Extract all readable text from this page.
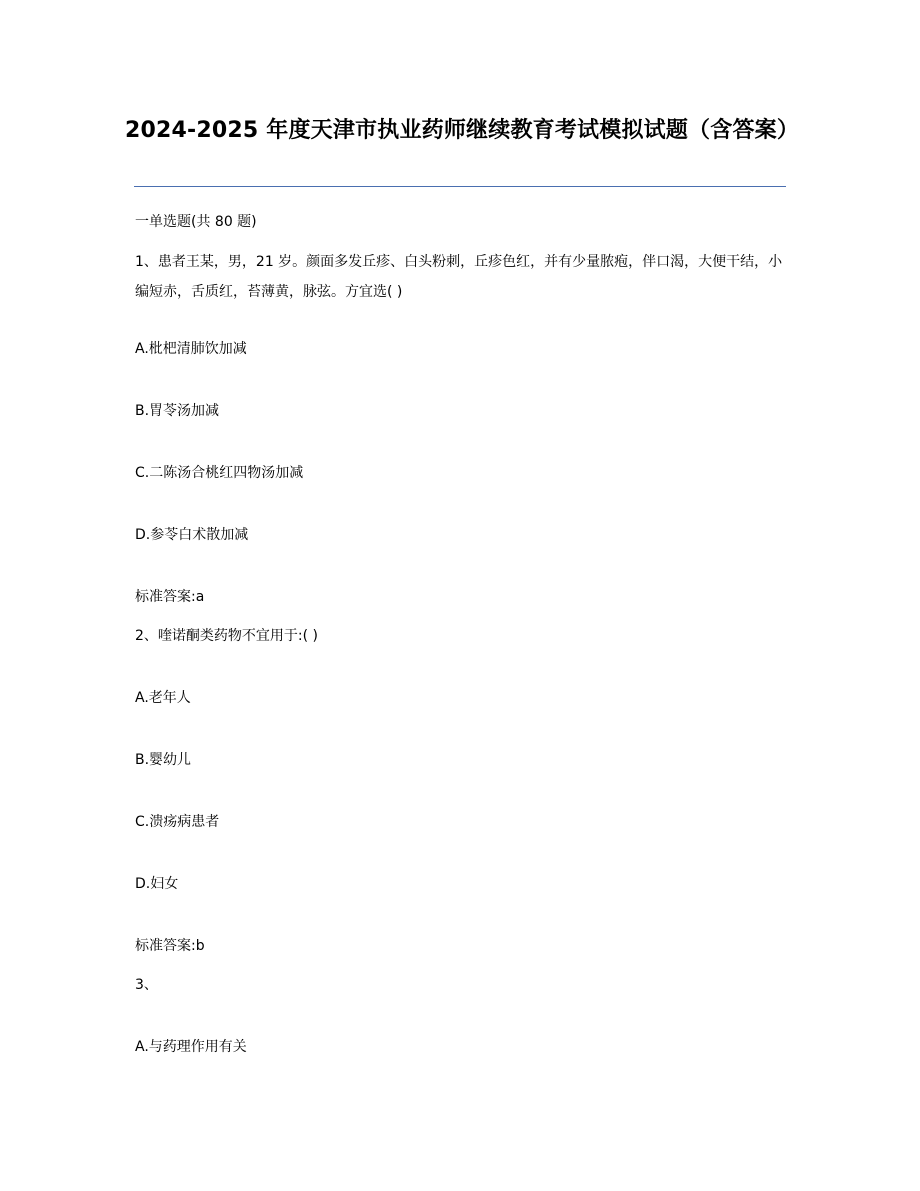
2024-2025 年度天津市执业药师继续教育考试模拟试题（含答案）

一单选题(共 80 题)

1、患者王某，男，21 岁。颜面多发丘疹、白头粉刺，丘疹色红，并有少量脓疱，伴口渴，大便干结，小编短赤，舌质红，苔薄黄，脉弦。方宜选( )

A.枇杷清肺饮加减

B.胃苓汤加减

C.二陈汤合桃红四物汤加减

D.参苓白术散加减

标准答案:a

2、喹诺酮类药物不宜用于:( )

A.老年人

B.婴幼儿

C.溃疡病患者

D.妇女

标准答案:b

3、

A.与药理作用有关
